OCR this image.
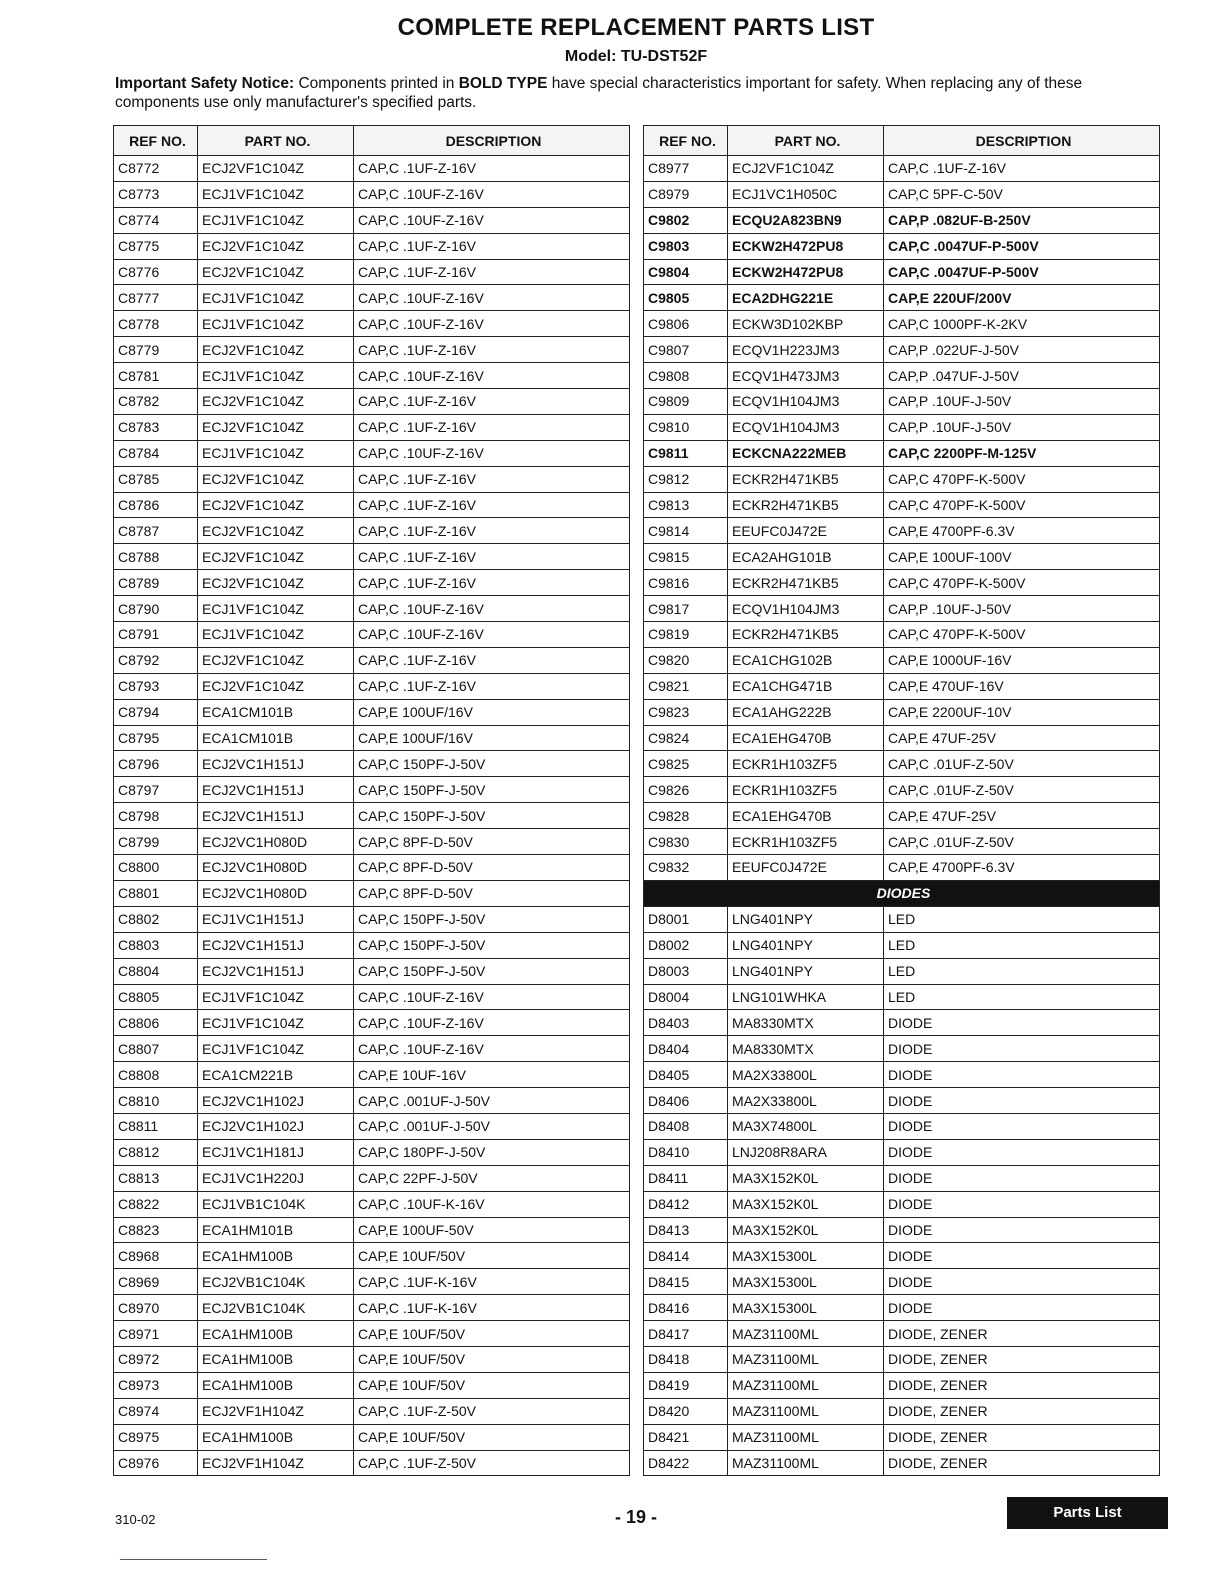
COMPLETE REPLACEMENT PARTS LIST
Model: TU-DST52F
Important Safety Notice: Components printed in BOLD TYPE have special characteristics important for safety. When replacing any of these components use only manufacturer's specified parts.
REF NO.	PART NO.	DESCRIPTION
C8772	ECJ2VF1C104Z	CAP,C .1UF-Z-16V
C8773	ECJ1VF1C104Z	CAP,C .10UF-Z-16V
C8774	ECJ1VF1C104Z	CAP,C .10UF-Z-16V
C8775	ECJ2VF1C104Z	CAP,C .1UF-Z-16V
C8776	ECJ2VF1C104Z	CAP,C .1UF-Z-16V
C8777	ECJ1VF1C104Z	CAP,C .10UF-Z-16V
C8778	ECJ1VF1C104Z	CAP,C .10UF-Z-16V
C8779	ECJ2VF1C104Z	CAP,C .1UF-Z-16V
C8781	ECJ1VF1C104Z	CAP,C .10UF-Z-16V
C8782	ECJ2VF1C104Z	CAP,C .1UF-Z-16V
C8783	ECJ2VF1C104Z	CAP,C .1UF-Z-16V
C8784	ECJ1VF1C104Z	CAP,C .10UF-Z-16V
C8785	ECJ2VF1C104Z	CAP,C .1UF-Z-16V
C8786	ECJ2VF1C104Z	CAP,C .1UF-Z-16V
C8787	ECJ2VF1C104Z	CAP,C .1UF-Z-16V
C8788	ECJ2VF1C104Z	CAP,C .1UF-Z-16V
C8789	ECJ2VF1C104Z	CAP,C .1UF-Z-16V
C8790	ECJ1VF1C104Z	CAP,C .10UF-Z-16V
C8791	ECJ1VF1C104Z	CAP,C .10UF-Z-16V
C8792	ECJ2VF1C104Z	CAP,C .1UF-Z-16V
C8793	ECJ2VF1C104Z	CAP,C .1UF-Z-16V
C8794	ECA1CM101B	CAP,E 100UF/16V
C8795	ECA1CM101B	CAP,E 100UF/16V
C8796	ECJ2VC1H151J	CAP,C 150PF-J-50V
C8797	ECJ2VC1H151J	CAP,C 150PF-J-50V
C8798	ECJ2VC1H151J	CAP,C 150PF-J-50V
C8799	ECJ2VC1H080D	CAP,C 8PF-D-50V
C8800	ECJ2VC1H080D	CAP,C 8PF-D-50V
C8801	ECJ2VC1H080D	CAP,C 8PF-D-50V
C8802	ECJ1VC1H151J	CAP,C 150PF-J-50V
C8803	ECJ2VC1H151J	CAP,C 150PF-J-50V
C8804	ECJ2VC1H151J	CAP,C 150PF-J-50V
C8805	ECJ1VF1C104Z	CAP,C .10UF-Z-16V
C8806	ECJ1VF1C104Z	CAP,C .10UF-Z-16V
C8807	ECJ1VF1C104Z	CAP,C .10UF-Z-16V
C8808	ECA1CM221B	CAP,E 10UF-16V
C8810	ECJ2VC1H102J	CAP,C .001UF-J-50V
C8811	ECJ2VC1H102J	CAP,C .001UF-J-50V
C8812	ECJ1VC1H181J	CAP,C 180PF-J-50V
C8813	ECJ1VC1H220J	CAP,C 22PF-J-50V
C8822	ECJ1VB1C104K	CAP,C .10UF-K-16V
C8823	ECA1HM101B	CAP,E 100UF-50V
C8968	ECA1HM100B	CAP,E 10UF/50V
C8969	ECJ2VB1C104K	CAP,C .1UF-K-16V
C8970	ECJ2VB1C104K	CAP,C .1UF-K-16V
C8971	ECA1HM100B	CAP,E 10UF/50V
C8972	ECA1HM100B	CAP,E 10UF/50V
C8973	ECA1HM100B	CAP,E 10UF/50V
C8974	ECJ2VF1H104Z	CAP,C .1UF-Z-50V
C8975	ECA1HM100B	CAP,E 10UF/50V
C8976	ECJ2VF1H104Z	CAP,C .1UF-Z-50V
REF NO.	PART NO.	DESCRIPTION
C8977	ECJ2VF1C104Z	CAP,C .1UF-Z-16V
C8979	ECJ1VC1H050C	CAP,C 5PF-C-50V
C9802	ECQU2A823BN9	CAP,P .082UF-B-250V
C9803	ECKW2H472PU8	CAP,C .0047UF-P-500V
C9804	ECKW2H472PU8	CAP,C .0047UF-P-500V
C9805	ECA2DHG221E	CAP,E 220UF/200V
C9806	ECKW3D102KBP	CAP,C 1000PF-K-2KV
C9807	ECQV1H223JM3	CAP,P .022UF-J-50V
C9808	ECQV1H473JM3	CAP,P .047UF-J-50V
C9809	ECQV1H104JM3	CAP,P .10UF-J-50V
C9810	ECQV1H104JM3	CAP,P .10UF-J-50V
C9811	ECKCNA222MEB	CAP,C 2200PF-M-125V
C9812	ECKR2H471KB5	CAP,C 470PF-K-500V
C9813	ECKR2H471KB5	CAP,C 470PF-K-500V
C9814	EEUFC0J472E	CAP,E 4700PF-6.3V
C9815	ECA2AHG101B	CAP,E 100UF-100V
C9816	ECKR2H471KB5	CAP,C 470PF-K-500V
C9817	ECQV1H104JM3	CAP,P .10UF-J-50V
C9819	ECKR2H471KB5	CAP,C 470PF-K-500V
C9820	ECA1CHG102B	CAP,E 1000UF-16V
C9821	ECA1CHG471B	CAP,E 470UF-16V
C9823	ECA1AHG222B	CAP,E 2200UF-10V
C9824	ECA1EHG470B	CAP,E 47UF-25V
C9825	ECKR1H103ZF5	CAP,C .01UF-Z-50V
C9826	ECKR1H103ZF5	CAP,C .01UF-Z-50V
C9828	ECA1EHG470B	CAP,E 47UF-25V
C9830	ECKR1H103ZF5	CAP,C .01UF-Z-50V
C9832	EEUFC0J472E	CAP,E 4700PF-6.3V
DIODES		
D8001	LNG401NPY	LED
D8002	LNG401NPY	LED
D8003	LNG401NPY	LED
D8004	LNG101WHKA	LED
D8403	MA8330MTX	DIODE
D8404	MA8330MTX	DIODE
D8405	MA2X33800L	DIODE
D8406	MA2X33800L	DIODE
D8408	MA3X74800L	DIODE
D8410	LNJ208R8ARA	DIODE
D8411	MA3X152K0L	DIODE
D8412	MA3X152K0L	DIODE
D8413	MA3X152K0L	DIODE
D8414	MA3X15300L	DIODE
D8415	MA3X15300L	DIODE
D8416	MA3X15300L	DIODE
D8417	MAZ31100ML	DIODE, ZENER
D8418	MAZ31100ML	DIODE, ZENER
D8419	MAZ31100ML	DIODE, ZENER
D8420	MAZ31100ML	DIODE, ZENER
D8421	MAZ31100ML	DIODE, ZENER
D8422	MAZ31100ML	DIODE, ZENER
310-02	- 19 -	Parts List
